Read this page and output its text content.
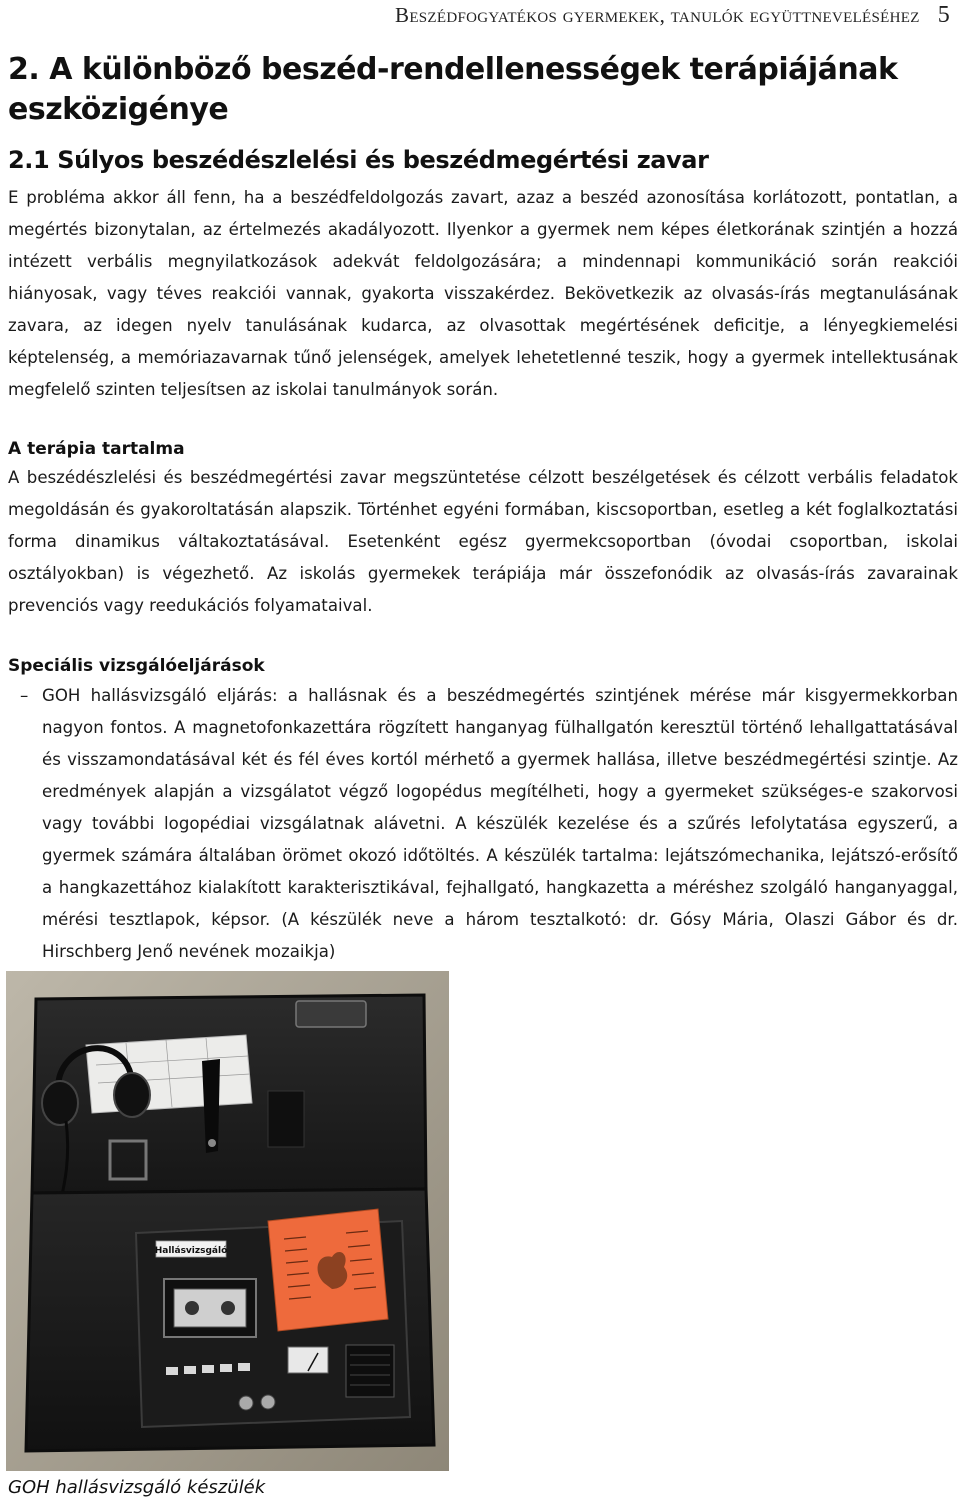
Beszédfogyatékos gyermekek, tanulók együttneveléséhez 5
2. A különböző beszéd-rendellenességek terápiájának eszközigénye
2.1 Súlyos beszédészlelési és beszédmegértési zavar

E probléma akkor áll fenn, ha a beszédfeldolgozás zavart, azaz a beszéd azonosítása korlátozott, pontatlan, a megértés bizonytalan, az értelmezés akadályozott. Ilyenkor a gyermek nem képes életkorának szintjén a hozzá intézett verbális megnyilatkozások adekvát feldolgozására; a mindennapi kommunikáció során reakciói hiányosak, vagy téves reakciói vannak, gyakorta visszakérdez. Bekövetkezik az olvasás-írás megtanulásának zavara, az idegen nyelv tanulásának kudarca, az olvasottak megértésének deficitje, a lényegkiemelési képtelenség, a memóriazavarnak tűnő jelenségek, amelyek lehetetlenné teszik, hogy a gyermek intellektusának megfelelő szinten teljesítsen az iskolai tanulmányok során.

A terápia tartalma

A beszédészlelési és beszédmegértési zavar megszüntetése célzott beszélgetések és célzott verbális feladatok megoldásán és gyakoroltatásán alapszik. Történhet egyéni formában, kiscsoportban, esetleg a két foglalkoztatási forma dinamikus váltakoztatásával. Esetenként egész gyermekcsoportban (óvodai csoportban, iskolai osztályokban) is végezhető. Az iskolás gyermekek terápiája már összefonódik az olvasás-írás zavarainak prevenciós vagy reedukációs folyamataival.

Speciális vizsgálóeljárások
– GOH hallásvizsgáló eljárás: a hallásnak és a beszédmegértés szintjének mérése már kisgyermekkorban nagyon fontos. A magnetofonkazettára rögzített hanganyag fülhallgatón keresztül történő lehallgattatásával és visszamondatásával két és fél éves kortól mérhető a gyermek hallása, illetve beszédmegértési szintje. Az eredmények alapján a vizsgálatot végző logopédus megítélheti, hogy a gyermeket szükséges-e szakorvosi vagy további logopédiai vizsgálatnak alávetni. A készülék kezelése és a szűrés lefolytatása egyszerű, a gyermek számára általában örömet okozó időtöltés. A készülék tartalma: lejátszómechanika, lejátszó-erősítő a hangkazettához kialakított karakterisztikával, fejhallgató, hangkazetta a méréshez szolgáló hanganyaggal, mérési tesztlapok, képsor. (A készülék neve a három tesztalkotó: dr. Gósy Mária, Olaszi Gábor és dr. Hirschberg Jenő nevének mozaikja)

Hallásvizsgáló
GOH hallásvizsgáló készülék
